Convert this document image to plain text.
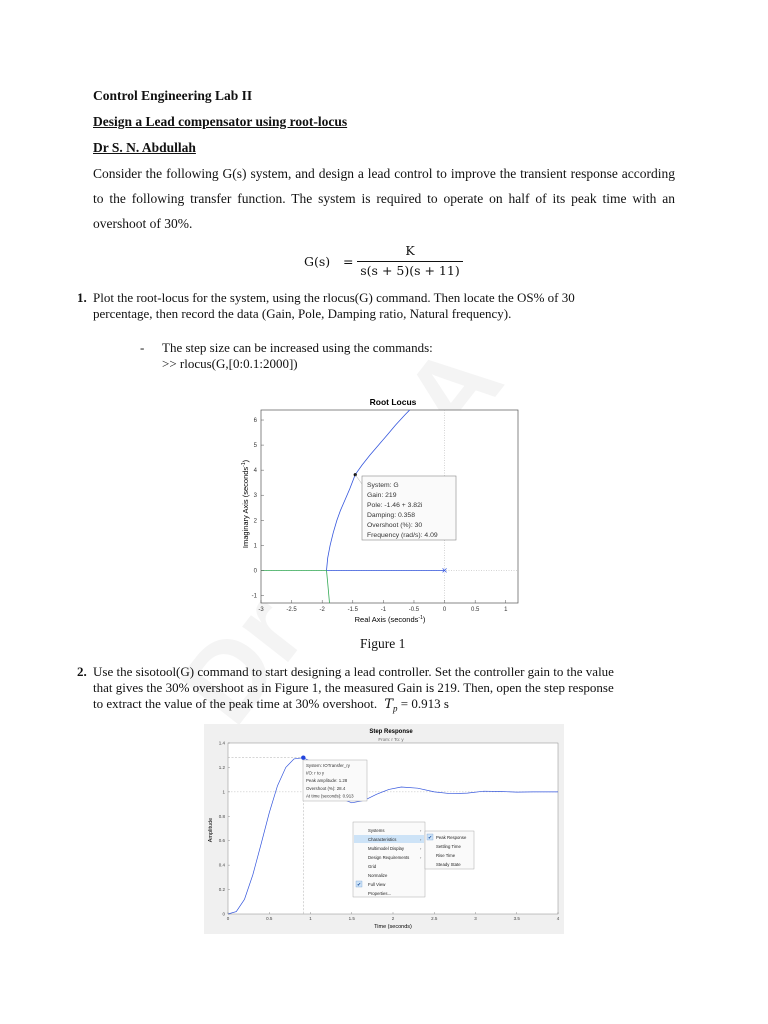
Control Engineering Lab II
Design a Lead compensator using root-locus
Dr S. N. Abdullah
Consider the following G(s) system, and design a lead control to improve the transient response according to the following transfer function. The system is required to operate on half of its peak time with an overshoot of 30%.
G(s) =
K
s(s + 5)(s + 11)
1. Plot the root-locus for the system, using the rlocus(G) command. Then locate the OS% of 30
percentage, then record the data (Gain, Pole, Damping ratio, Natural frequency).
- The step size can be increased using the commands:
>> rlocus(G,[0:0.1:2000])
Root Locus
-3	-2.5	-2	-1.5	-1	-0.5	0	0.5	1
-1
0
1
2
3
4
5
6
System: G
Gain: 219
Pole: -1.46 + 3.82i
Damping: 0.358
Overshoot (%): 30
Frequency (rad/s): 4.09
Real Axis (seconds$^{-1}$)
Imaginary Axis (seconds$^{-1}$)
Figure 1
2. Use the sisotool(G) command to start designing a lead controller. Set the controller gain to the value
that gives the 30% overshoot as in Figure 1, the measured Gain is 219. Then, open the step response
to extract the value of the peak time at 30% overshoot. $T_p = 0.913$ s
Step Response
From: r To: y
0	0.5	1	1.5	2	2.5	3	3.5	4
0
0.2
0.4
0.6
0.8
1
1.2
1.4
System: IOTransfer_ry
I/O: r to y
Peak amplitude: 1.28
Overshoot (%): 28.4
At time (seconds): 0.913
Systems	›
Characteristics	›
Multimodel Display	›
Design Requirements	›
Grid
Normalize
✔ Full View
Properties...
✔ Peak Response
Settling Time
Rise Time
Steady State
Time (seconds)
Amplitude
